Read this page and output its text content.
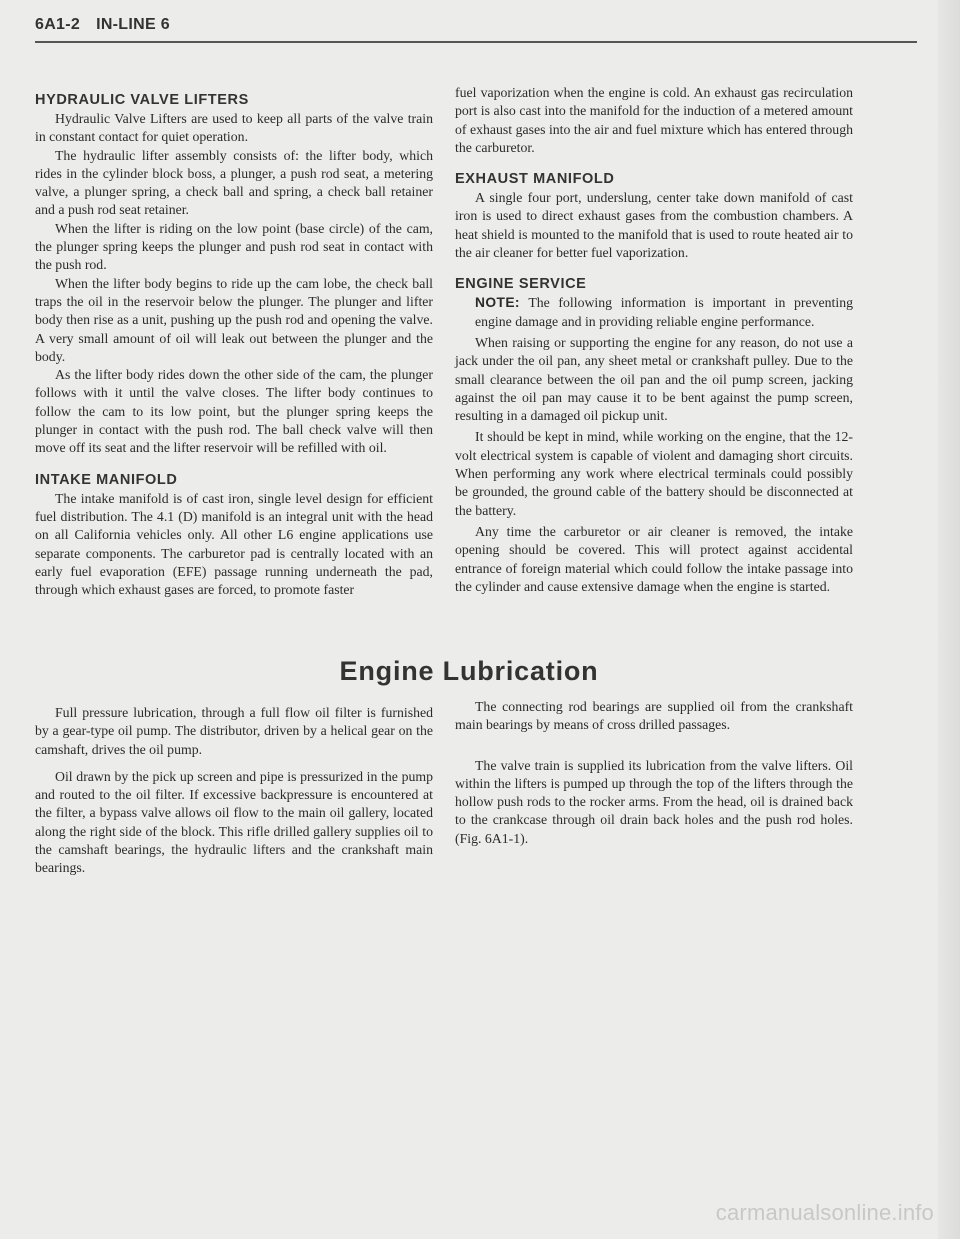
6A1-2 IN-LINE 6
HYDRAULIC VALVE LIFTERS

Hydraulic Valve Lifters are used to keep all parts of the valve train in constant contact for quiet operation.

The hydraulic lifter assembly consists of: the lifter body, which rides in the cylinder block boss, a plunger, a push rod seat, a metering valve, a plunger spring, a check ball and spring, a check ball retainer and a push rod seat retainer.

When the lifter is riding on the low point (base circle) of the cam, the plunger spring keeps the plunger and push rod seat in contact with the push rod.

When the lifter body begins to ride up the cam lobe, the check ball traps the oil in the reservoir below the plunger. The plunger and lifter body then rise as a unit, pushing up the push rod and opening the valve. A very small amount of oil will leak out between the plunger and the body.

As the lifter body rides down the other side of the cam, the plunger follows with it until the valve closes. The lifter body continues to follow the cam to its low point, but the plunger spring keeps the plunger in contact with the push rod. The ball check valve will then move off its seat and the lifter reservoir will be refilled with oil.

INTAKE MANIFOLD

The intake manifold is of cast iron, single level design for efficient fuel distribution. The 4.1 (D) manifold is an integral unit with the head on all California vehicles only. All other L6 engine applications use separate components. The carburetor pad is centrally located with an early fuel evaporation (EFE) passage running underneath the pad, through which exhaust gases are forced, to promote faster

fuel vaporization when the engine is cold. An exhaust gas recirculation port is also cast into the manifold for the induction of a metered amount of exhaust gases into the air and fuel mixture which has entered through the carburetor.

EXHAUST MANIFOLD

A single four port, underslung, center take down manifold of cast iron is used to direct exhaust gases from the combustion chambers. A heat shield is mounted to the manifold that is used to route heated air to the air cleaner for better fuel vaporization.

ENGINE SERVICE

NOTE: The following information is important in preventing engine damage and in providing reliable engine performance.

When raising or supporting the engine for any reason, do not use a jack under the oil pan, any sheet metal or crankshaft pulley. Due to the small clearance between the oil pan and the oil pump screen, jacking against the oil pan may cause it to be bent against the pump screen, resulting in a damaged oil pickup unit.

It should be kept in mind, while working on the engine, that the 12-volt electrical system is capable of violent and damaging short circuits. When performing any work where electrical terminals could possibly be grounded, the ground cable of the battery should be disconnected at the battery.

Any time the carburetor or air cleaner is removed, the intake opening should be covered. This will protect against accidental entrance of foreign material which could follow the intake passage into the cylinder and cause extensive damage when the engine is started.

Engine Lubrication

Full pressure lubrication, through a full flow oil filter is furnished by a gear-type oil pump. The distributor, driven by a helical gear on the camshaft, drives the oil pump.

Oil drawn by the pick up screen and pipe is pressurized in the pump and routed to the oil filter. If excessive backpressure is encountered at the filter, a bypass valve allows oil flow to the main oil gallery, located along the right side of the block. This rifle drilled gallery supplies oil to the camshaft bearings, the hydraulic lifters and the crankshaft main bearings.

The connecting rod bearings are supplied oil from the crankshaft main bearings by means of cross drilled passages.

The valve train is supplied its lubrication from the valve lifters. Oil within the lifters is pumped up through the top of the lifters through the hollow push rods to the rocker arms. From the head, oil is drained back to the crankcase through oil drain back holes and the push rod holes. (Fig. 6A1-1).

carmanualsonline.info
